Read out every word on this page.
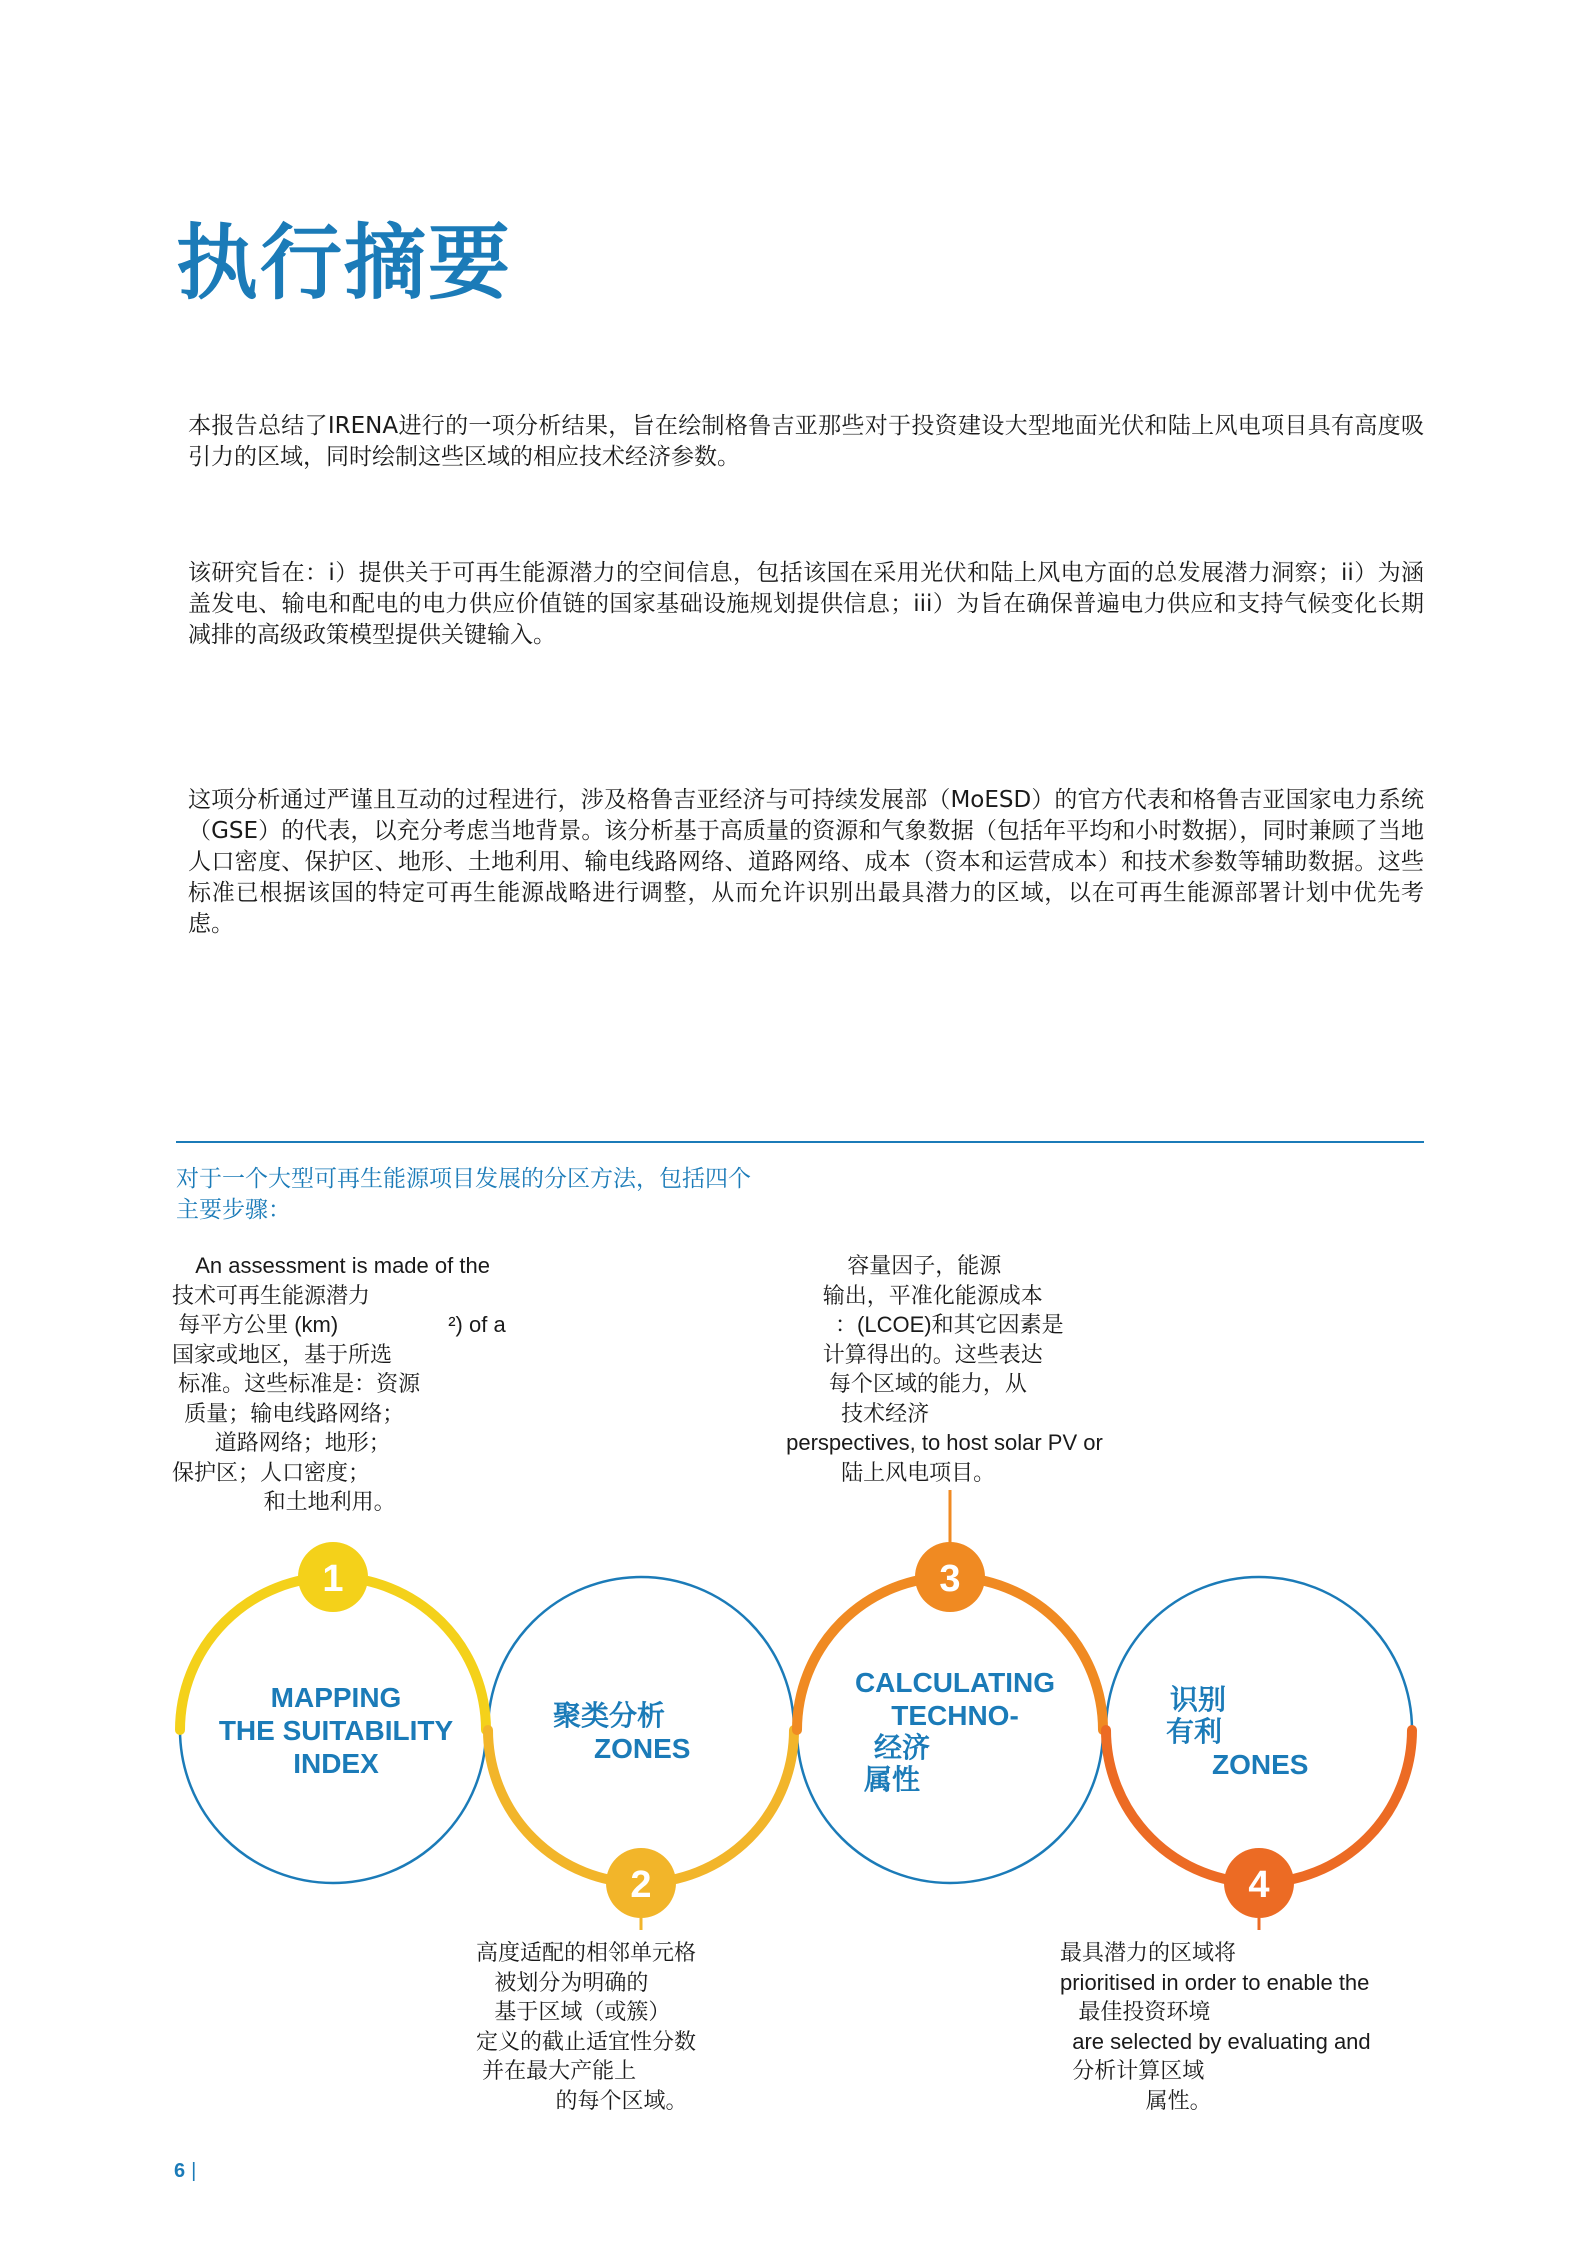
执行摘要

本报告总结了IRENA进行的一项分析结果，旨在绘制格鲁吉亚那些对于投资建设大型地面光伏和陆上风电项目具有高度吸引力的区域，同时绘制这些区域的相应技术经济参数。

该研究旨在：i）提供关于可再生能源潜力的空间信息，包括该国在采用光伏和陆上风电方面的总发展潜力洞察；ii）为涵盖发电、输电和配电的电力供应价值链的国家基础设施规划提供信息；iii）为旨在确保普遍电力供应和支持气候变化长期减排的高级政策模型提供关键输入。

这项分析通过严谨且互动的过程进行，涉及格鲁吉亚经济与可持续发展部（MoESD）的官方代表和格鲁吉亚国家电力系统（GSE）的代表，以充分考虑当地背景。该分析基于高质量的资源和气象数据（包括年平均和小时数据），同时兼顾了当地人口密度、保护区、地形、土地利用、输电线路网络、道路网络、成本（资本和运营成本）和技术参数等辅助数据。这些标准已根据该国的特定可再生能源战略进行调整，从而允许识别出最具潜力的区域，以在可再生能源部署计划中优先考虑。

对于一个大型可再生能源项目发展的分区方法，包括四个
主要步骤：

An assessment is made of the
技术可再生能源潜力
每平方公里 (km)                  ²) of a
国家或地区，基于所选
标准。这些标准是：资源
质量；输电线路网络；
道路网络；地形；
保护区；人口密度；
和土地利用。

容量因子，能源
输出，平准化能源成本
：(LCOE)和其它因素是
计算得出的。这些表达
每个区域的能力，从
技术经济
perspectives, to host solar PV or
陆上风电项目。

高度适配的相邻单元格
被划分为明确的
基于区域（或簇）
定义的截止适宜性分数
并在最大产能上
的每个区域。

最具潜力的区域将
prioritised in order to enable the
最佳投资环境
are selected by evaluating and
分析计算区域
属性。

1
2
3
4
MAPPING
THE SUITABILITY
INDEX
聚类分析
ZONES
CALCULATING
TECHNO-
经济
属性
识别
有利
ZONES
6 |
